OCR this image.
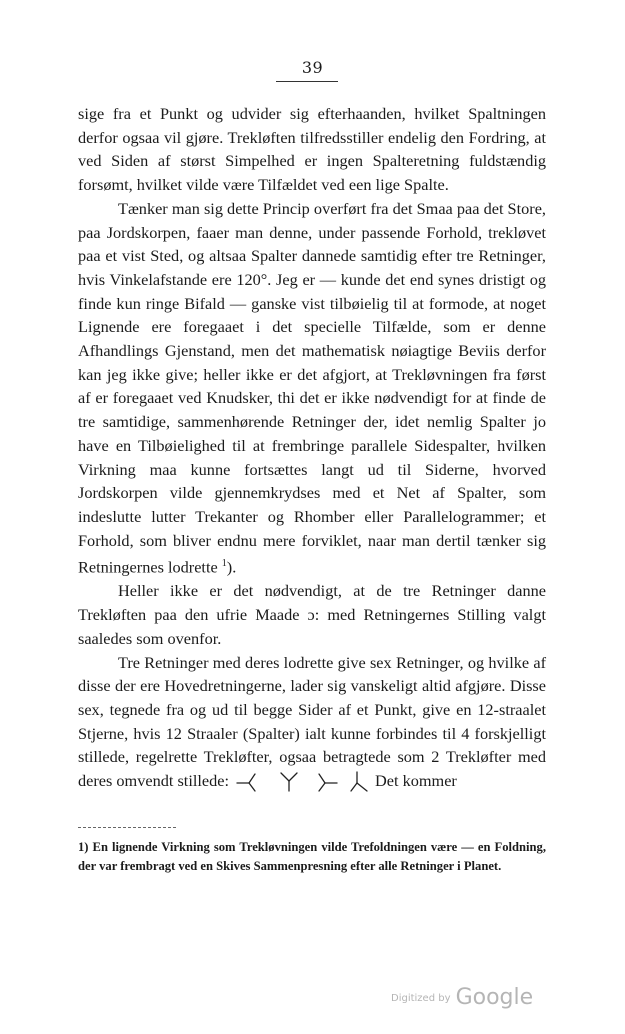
39

sige fra et Punkt og udvider sig efterhaanden, hvilket Spaltningen derfor ogsaa vil gjøre. Trekløften tilfredsstiller endelig den Fordring, at ved Siden af størst Simpelhed er ingen Spalteretning fuldstændig forsømt, hvilket vilde være Tilfældet ved een lige Spalte.

Tænker man sig dette Princip overført fra det Smaa paa det Store, paa Jordskorpen, faaer man denne, under passende Forhold, trekløvet paa et vist Sted, og altsaa Spalter dannede samtidig efter tre Retninger, hvis Vinkelafstande ere 120°. Jeg er — kunde det end synes dristigt og finde kun ringe Bifald — ganske vist tilbøielig til at formode, at noget Lignende ere foregaaet i det specielle Tilfælde, som er denne Afhandlings Gjenstand, men det mathematisk nøiagtige Beviis derfor kan jeg ikke give; heller ikke er det afgjort, at Trekløvningen fra først af er foregaaet ved Knudsker, thi det er ikke nødvendigt for at finde de tre samtidige, sammenhørende Retninger der, idet nemlig Spalter jo have en Tilbøielighed til at frembringe parallele Sidespalter, hvilken Virkning maa kunne fortsættes langt ud til Siderne, hvorved Jordskorpen vilde gjennemkrydses med et Net af Spalter, som indeslutte lutter Trekanter og Rhomber eller Parallelogrammer; et Forhold, som bliver endnu mere forviklet, naar man dertil tænker sig Retningernes lodrette $^1$).

Heller ikke er det nødvendigt, at de tre Retninger danne Trekløften paa den ufrie Maade ɔ: med Retningernes Stilling valgt saaledes som ovenfor.

Tre Retninger med deres lodrette give sex Retninger, og hvilke af disse der ere Hovedretningerne, lader sig vanskeligt altid afgjøre. Disse sex, tegnede fra og ud til begge Sider af et Punkt, give en 12-straalet Stjerne, hvis 12 Straaler (Spalter) ialt kunne forbindes til 4 forskjelligt stillede, regelrette Trekløfter, ogsaa betragtede som 2 Trekløfter med deres omvendt stillede:	Det kommer

1) En lignende Virkning som Trekløvningen vilde Trefoldningen være — en Foldning, der var frembragt ved en Skives Sammenpresning efter alle Retninger i Planet.
Digitized by Google
